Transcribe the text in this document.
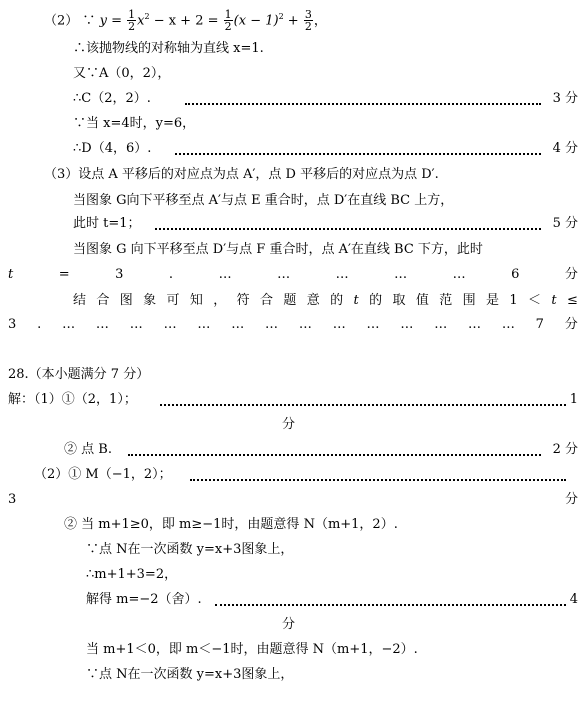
（2） ∵ $y = \frac{1}{2} x^2 - x + 2 = \frac{1}{2} (x - 1)^2 + \frac{3}{2}$ ，
∴该抛物线的对称轴为直线 x=1.
又∵A（0，2），
∴C（2，2）.	3 分
∵当 x=4时，y=6，
∴D（4，6）.	4 分
（3）设点 A 平移后的对应点为点 A′，点 D 平移后的对应点为点 D′.
当图象 G向下平移至点 A′与点 E 重合时，点 D′在直线 BC 上方，
此时 t=1；	5 分
当图象 G 向下平移至点 D′与点 F 重合时，点 A′在直线 BC 下方，此时
t	=	3	.	…	…	…	…	…	6	分
结 合 图 象 可 知 ， 符 合 题 意 的 t 的 取 值 范 围 是 1 ＜ t ≤
3 . … … … … … … … … … … … … … … 7 分
28.（本小题满分 7 分）
解：（1）①（2，1）；	1
分
② 点 B.	2 分
（2）① M（−1，2）；
3	分
② 当 m+1≥0，即 m≥−1时，由题意得 N（m+1，2）.
∵点 N在一次函数 y=x+3图象上，
∴m+1+3=2，
解得 m=−2（舍）.	4
分
当 m+1＜0，即 m＜−1时，由题意得 N（m+1，−2）.
∵点 N在一次函数 y=x+3图象上，
